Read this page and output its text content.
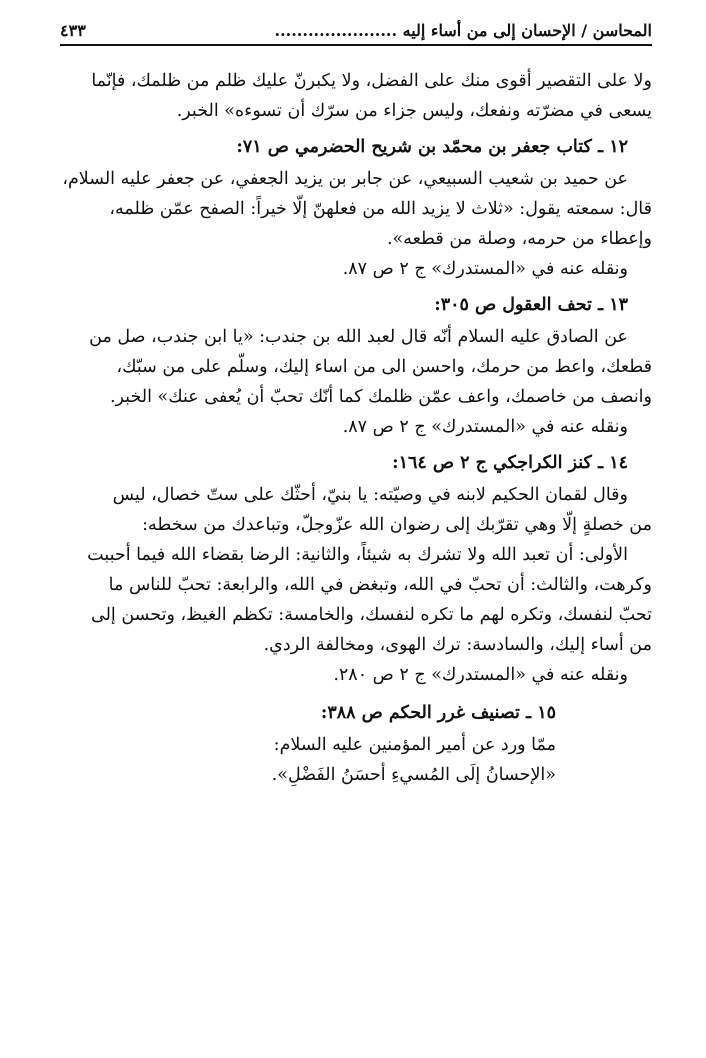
المحاسن / الإحسان إلى من أساء إليه ......................
٤٣٣

ولا على التقصير أقوى منك على الفضل، ولا يكبرنّ عليك ظلم من ظلمك، فإنّما

يسعى في مضرّته ونفعك، وليس جزاء من سرّك أن تسوءه» الخبر.

١٢ ـ كتاب جعفر بن محمّد بن شريح الحضرمي ص ٧١:

عن حميد بن شعيب السبيعي، عن جابر بن يزيد الجعفي، عن جعفر عليه السلام،

قال: سمعته يقول: «ثلاث لا يزيد الله من فعلهنّ إلّا خيراً: الصفح عمّن ظلمه،

وإعطاء من حرمه، وصلة من قطعه».

ونقله عنه في «المستدرك» ج ٢ ص ٨٧.
١٣ ـ تحف العقول ص ٣٠٥:

عن الصادق عليه السلام أنّه قال لعبد الله بن جندب: «يا ابن جندب، صل من

قطعك، واعط من حرمك، واحسن الى من اساء إليك، وسلّم على من سبّك،

وانصف من خاصمك، واعف عمّن ظلمك كما أنّك تحبّ أن يُعفى عنك» الخبر.

ونقله عنه في «المستدرك» ج ٢ ص ٨٧.
١٤ ـ كنز الكراجكي ج ٢ ص ١٦٤:

وقال لقمان الحكيم لابنه في وصيّته: يا بنيّ، أحثّك على ستّ خصال، ليس

من خصلةٍ إلّا وهي تقرّبك إلى رضوان الله عزّوجلّ، وتباعدك من سخطه:

الأولى: أن تعبد الله ولا تشرك به شيئاً، والثانية: الرضا بقضاء الله فيما أحببت

وكرهت، والثالث: أن تحبّ في الله، وتبغض في الله، والرابعة: تحبّ للناس ما

تحبّ لنفسك، وتكره لهم ما تكره لنفسك، والخامسة: تكظم الغيظ، وتحسن إلى

من أساء إليك، والسادسة: ترك الهوى، ومخالفة الردي.

ونقله عنه في «المستدرك» ج ٢ ص ٢٨٠.
١٥ ـ تصنيف غرر الحكم ص ٣٨٨:

ممّا ورد عن أمير المؤمنين عليه السلام:

«الإحسانُ إلَى المُسيءِ أحسَنُ الفَضْلِ».
